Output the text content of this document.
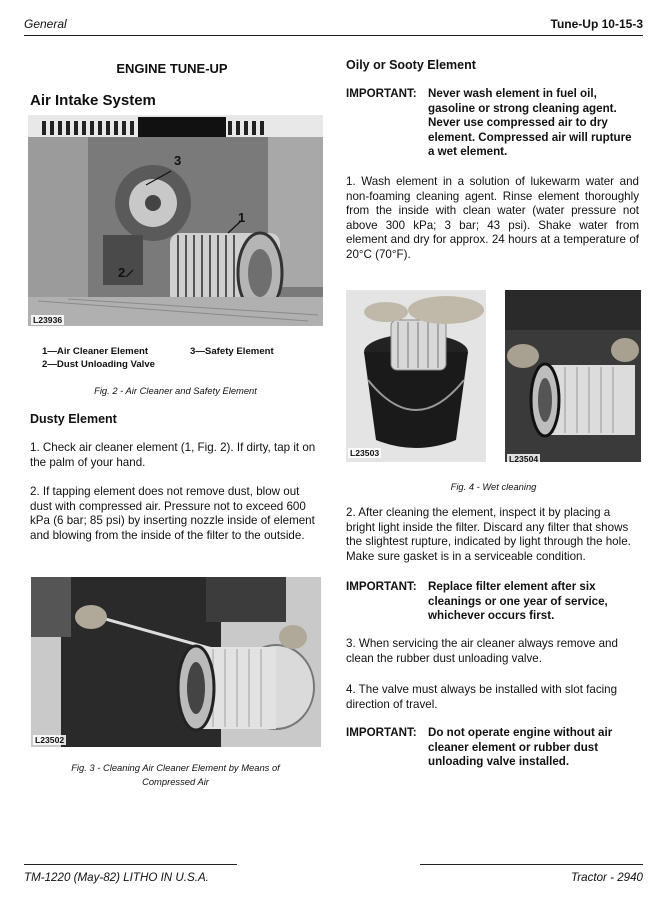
General	Tune-Up 10-15-3
ENGINE TUNE-UP
Air Intake System
3
1
2
L23936
1—Air Cleaner Element
2—Dust Unloading Valve
3—Safety Element
Fig. 2 - Air Cleaner and Safety Element
Dusty Element
1. Check air cleaner element (1, Fig. 2). If dirty, tap it on the palm of your hand.
2. If tapping element does not remove dust, blow out dust with compressed air. Pressure not to exceed 600 kPa (6 bar; 85 psi) by inserting nozzle inside of element and blowing from the inside of the filter to the outside.
L23502
Fig. 3 - Cleaning Air Cleaner Element by Means of
Compressed Air
Oily or Sooty Element
IMPORTANT: Never wash element in fuel oil, gasoline or strong cleaning agent. Never use compressed air to dry element. Compressed air will rupture a wet element.
1. Wash element in a solution of lukewarm water and non-foaming cleaning agent. Rinse element thoroughly from the inside with clean water (water pressure not above 300 kPa; 3 bar; 43 psi). Shake water from element and dry for approx. 24 hours at a temperature of 20°C (70°F).
L23503
L23504
Fig. 4 - Wet cleaning
2. After cleaning the element, inspect it by placing a bright light inside the filter. Discard any filter that shows the slightest rupture, indicated by light through the hole. Make sure gasket is in a serviceable condition.
IMPORTANT: Replace filter element after six cleanings or one year of service, whichever occurs first.
3. When servicing the air cleaner always remove and clean the rubber dust unloading valve.
4. The valve must always be installed with slot facing direction of travel.
IMPORTANT: Do not operate engine without air cleaner element or rubber dust unloading valve installed.
TM-1220 (May-82) LITHO IN U.S.A.	Tractor - 2940
